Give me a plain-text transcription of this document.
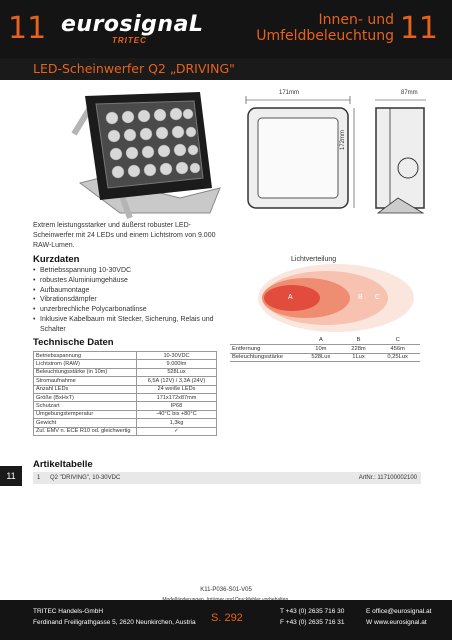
11 eurosignaL
TRITEC
Innen- und
Umfeldbeleuchtung 11
LED-Scheinwerfer Q2 „DRIVING"
171mm	87mm
172mm
Extrem leistungsstarker und äußerst robuster LED-Scheinwerfer mit 24 LEDs und einem Lichtstrom von 9.000 RAW-Lumen.
Kurzdaten
• Betriebsspannung 10-30VDC
• robustes Aluminiumgehäuse
• Aufbaumontage
• Vibrationsdämpfer
• unzerbrechliche Polycarbonatlinse
• Inklusive Kabelbaum mit Stecker, Sicherung, Relais und Schalter
Technische Daten
Betriebsspannung	10-30VDC
Lichtstrom (RAW)	9.000lm
Beleuchtungsstärke (in 10m)	528Lux
Stromaufnahme	6,5A (12V) / 3,3A (24V)
Anzahl LEDs	24 weiße LEDs
Größe (BxHxT)	171x172x87mm
Schutzart	IP68
Umgebungstemperatur	-40°C bis +80°C
Gewicht	1,3kg
Zul. EMV n. ECE R10 od. gleichwertig	✓
Lichtverteilung
A	B C
	A	B	C
Entfernung	10m	228m	456m
Beleuchtungsstärke	528Lux	1Lux	0,25Lux
11
Artikeltabelle
1 Q2 "DRIVING", 10-30VDC	ArtNr.: 117100002100
K11-P036-S01-V05
TRITEC Handels-GmbH
Ferdinand Freiligrathgasse 5, 2620 Neunkirchen, Austria S. 292
T +43 (0) 2635 716 30
F +43 (0) 2635 716 31
E office@eurosignal.at
W www.eurosignal.at
